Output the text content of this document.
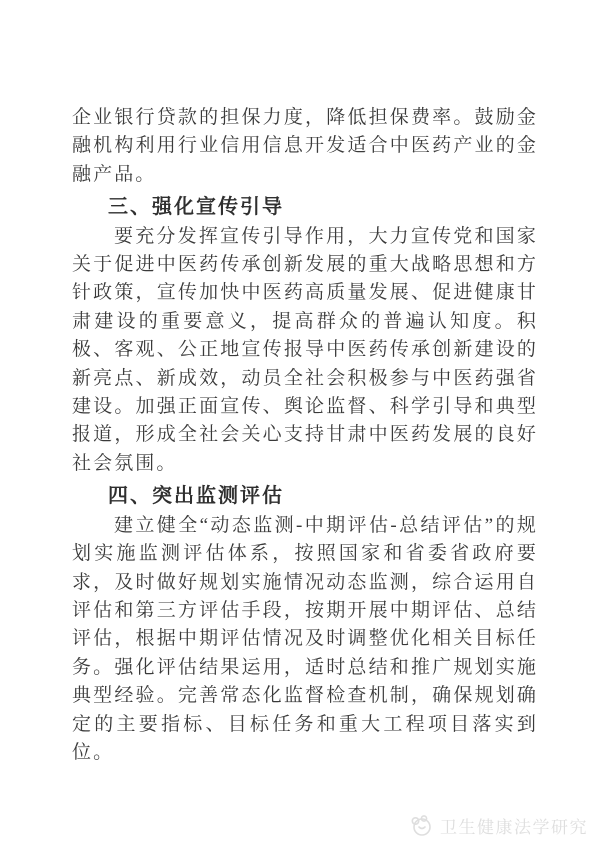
企业银行贷款的担保力度，降低担保费率。鼓励金融机构利用行业信用信息开发适合中医药产业的金融产品。

三、强化宣传引导

要充分发挥宣传引导作用，大力宣传党和国家关于促进中医药传承创新发展的重大战略思想和方针政策，宣传加快中医药高质量发展、促进健康甘肃建设的重要意义，提高群众的普遍认知度。积极、客观、公正地宣传报导中医药传承创新建设的新亮点、新成效，动员全社会积极参与中医药强省建设。加强正面宣传、舆论监督、科学引导和典型报道，形成全社会关心支持甘肃中医药发展的良好社会氛围。

四、突出监测评估

建立健全“动态监测-中期评估-总结评估”的规划实施监测评估体系，按照国家和省委省政府要求，及时做好规划实施情况动态监测，综合运用自评估和第三方评估手段，按期开展中期评估、总结评估，根据中期评估情况及时调整优化相关目标任务。强化评估结果运用，适时总结和推广规划实施典型经验。完善常态化监督检查机制，确保规划确定的主要指标、目标任务和重大工程项目落实到位。

卫生健康法学研究
